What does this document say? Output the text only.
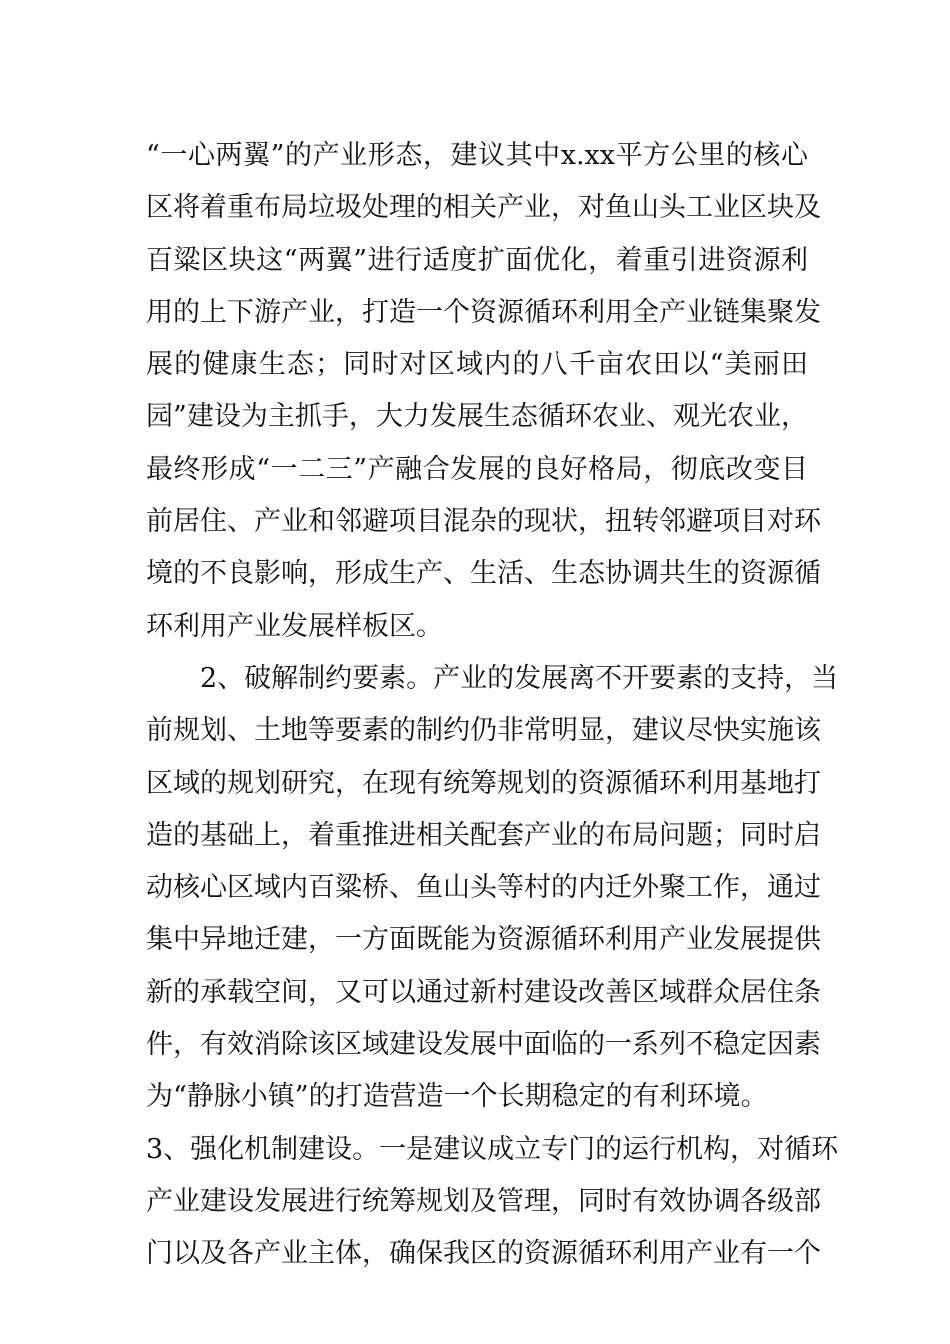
“一心两翼”的产业形态，建议其中x.xx平方公里的核心
区将着重布局垃圾处理的相关产业，对鱼山头工业区块及
百粱区块这“两翼”进行适度扩面优化，着重引进资源利
用的上下游产业，打造一个资源循环利用全产业链集聚发
展的健康生态；同时对区域内的八千亩农田以“美丽田
园”建设为主抓手，大力发展生态循环农业、观光农业，
最终形成“一二三”产融合发展的良好格局，彻底改变目
前居住、产业和邻避项目混杂的现状，扭转邻避项目对环
境的不良影响，形成生产、生活、生态协调共生的资源循
环利用产业发展样板区。
2、破解制约要素。产业的发展离不开要素的支持，当
前规划、土地等要素的制约仍非常明显，建议尽快实施该
区域的规划研究，在现有统筹规划的资源循环利用基地打
造的基础上，着重推进相关配套产业的布局问题；同时启
动核心区域内百粱桥、鱼山头等村的内迁外聚工作，通过
集中异地迁建，一方面既能为资源循环利用产业发展提供
新的承载空间，又可以通过新村建设改善区域群众居住条
件，有效消除该区域建设发展中面临的一系列不稳定因素
为“静脉小镇”的打造营造一个长期稳定的有利环境。
3、强化机制建设。一是建议成立专门的运行机构，对循环
产业建设发展进行统筹规划及管理，同时有效协调各级部
门以及各产业主体，确保我区的资源循环利用产业有一个
